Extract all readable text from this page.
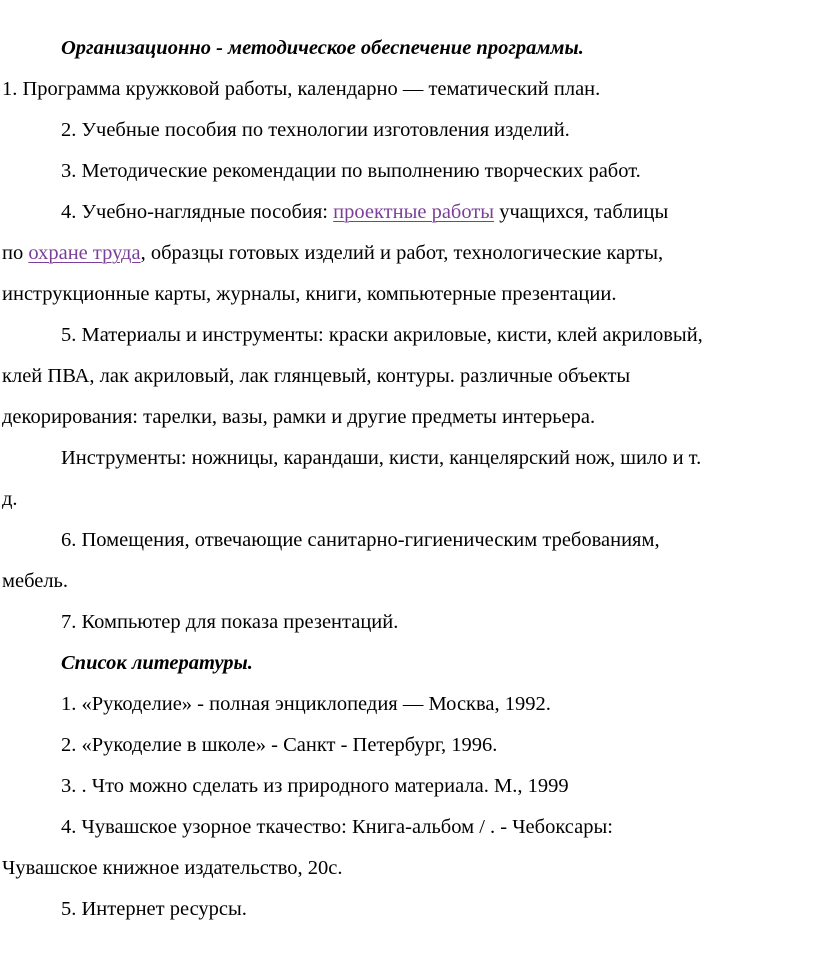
Организационно - методическое обеспечение программы.
1. Программа кружковой работы, календарно — тематический план.
2. Учебные пособия по технологии изготовления изделий.
3. Методические рекомендации по выполнению творческих работ.
4. Учебно-наглядные пособия: проектные работы учащихся, таблицы
по охране труда, образцы готовых изделий и работ, технологические карты,
инструкционные карты, журналы, книги, компьютерные презентации.
5. Материалы и инструменты: краски акриловые, кисти, клей акриловый,
клей ПВА, лак акриловый, лак глянцевый, контуры. различные объекты
декорирования: тарелки, вазы, рамки и другие предметы интерьера.
Инструменты: ножницы, карандаши, кисти, канцелярский нож, шило и т.
д.
6. Помещения, отвечающие санитарно-гигиеническим требованиям,
мебель.
7. Компьютер для показа презентаций.
Список литературы.
1. «Рукоделие» - полная энциклопедия — Москва, 1992.
2. «Рукоделие в школе» - Санкт - Петербург, 1996.
3. . Что можно сделать из природного материала. М., 1999
4. Чувашское узорное ткачество: Книга-альбом / . - Чебоксары:
Чувашское книжное издательство, 20с.
5. Интернет ресурсы.
